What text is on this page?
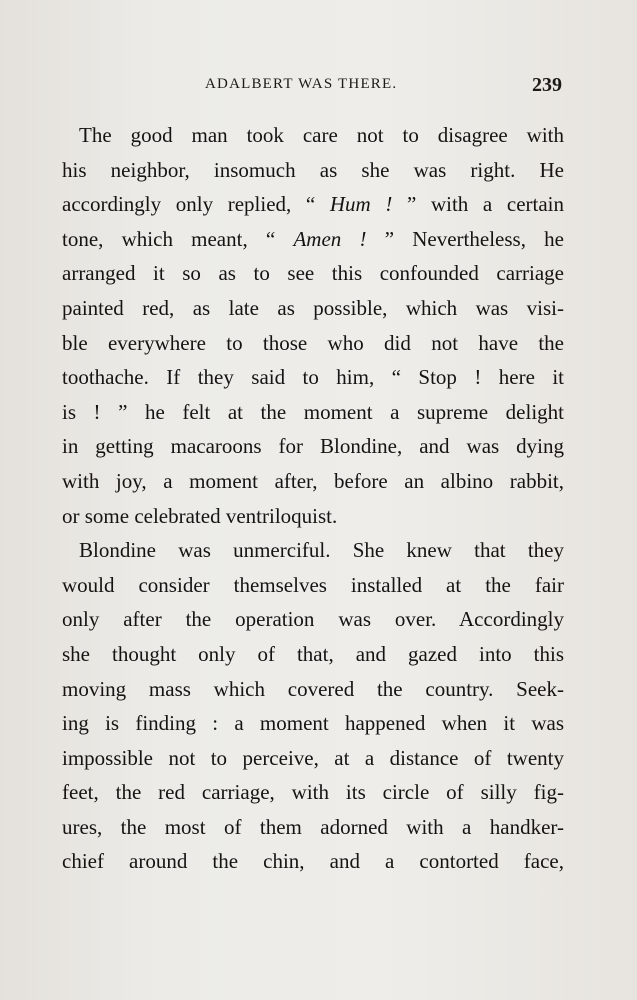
ADALBERT WAS THERE.	239
The good man took care not to disagree with
his neighbor, insomuch as she was right. He
accordingly only replied, “ Hum ! ” with a certain
tone, which meant, “ Amen ! ” Nevertheless, he
arranged it so as to see this confounded carriage
painted red, as late as possible, which was visi-
ble everywhere to those who did not have the
toothache. If they said to him, “ Stop ! here it
is ! ” he felt at the moment a supreme delight
in getting macaroons for Blondine, and was dying
with joy, a moment after, before an albino rabbit,
or some celebrated ventriloquist.
Blondine was unmerciful. She knew that they
would consider themselves installed at the fair
only after the operation was over. Accordingly
she thought only of that, and gazed into this
moving mass which covered the country. Seek-
ing is finding : a moment happened when it was
impossible not to perceive, at a distance of twenty
feet, the red carriage, with its circle of silly fig-
ures, the most of them adorned with a handker-
chief around the chin, and a contorted face,
